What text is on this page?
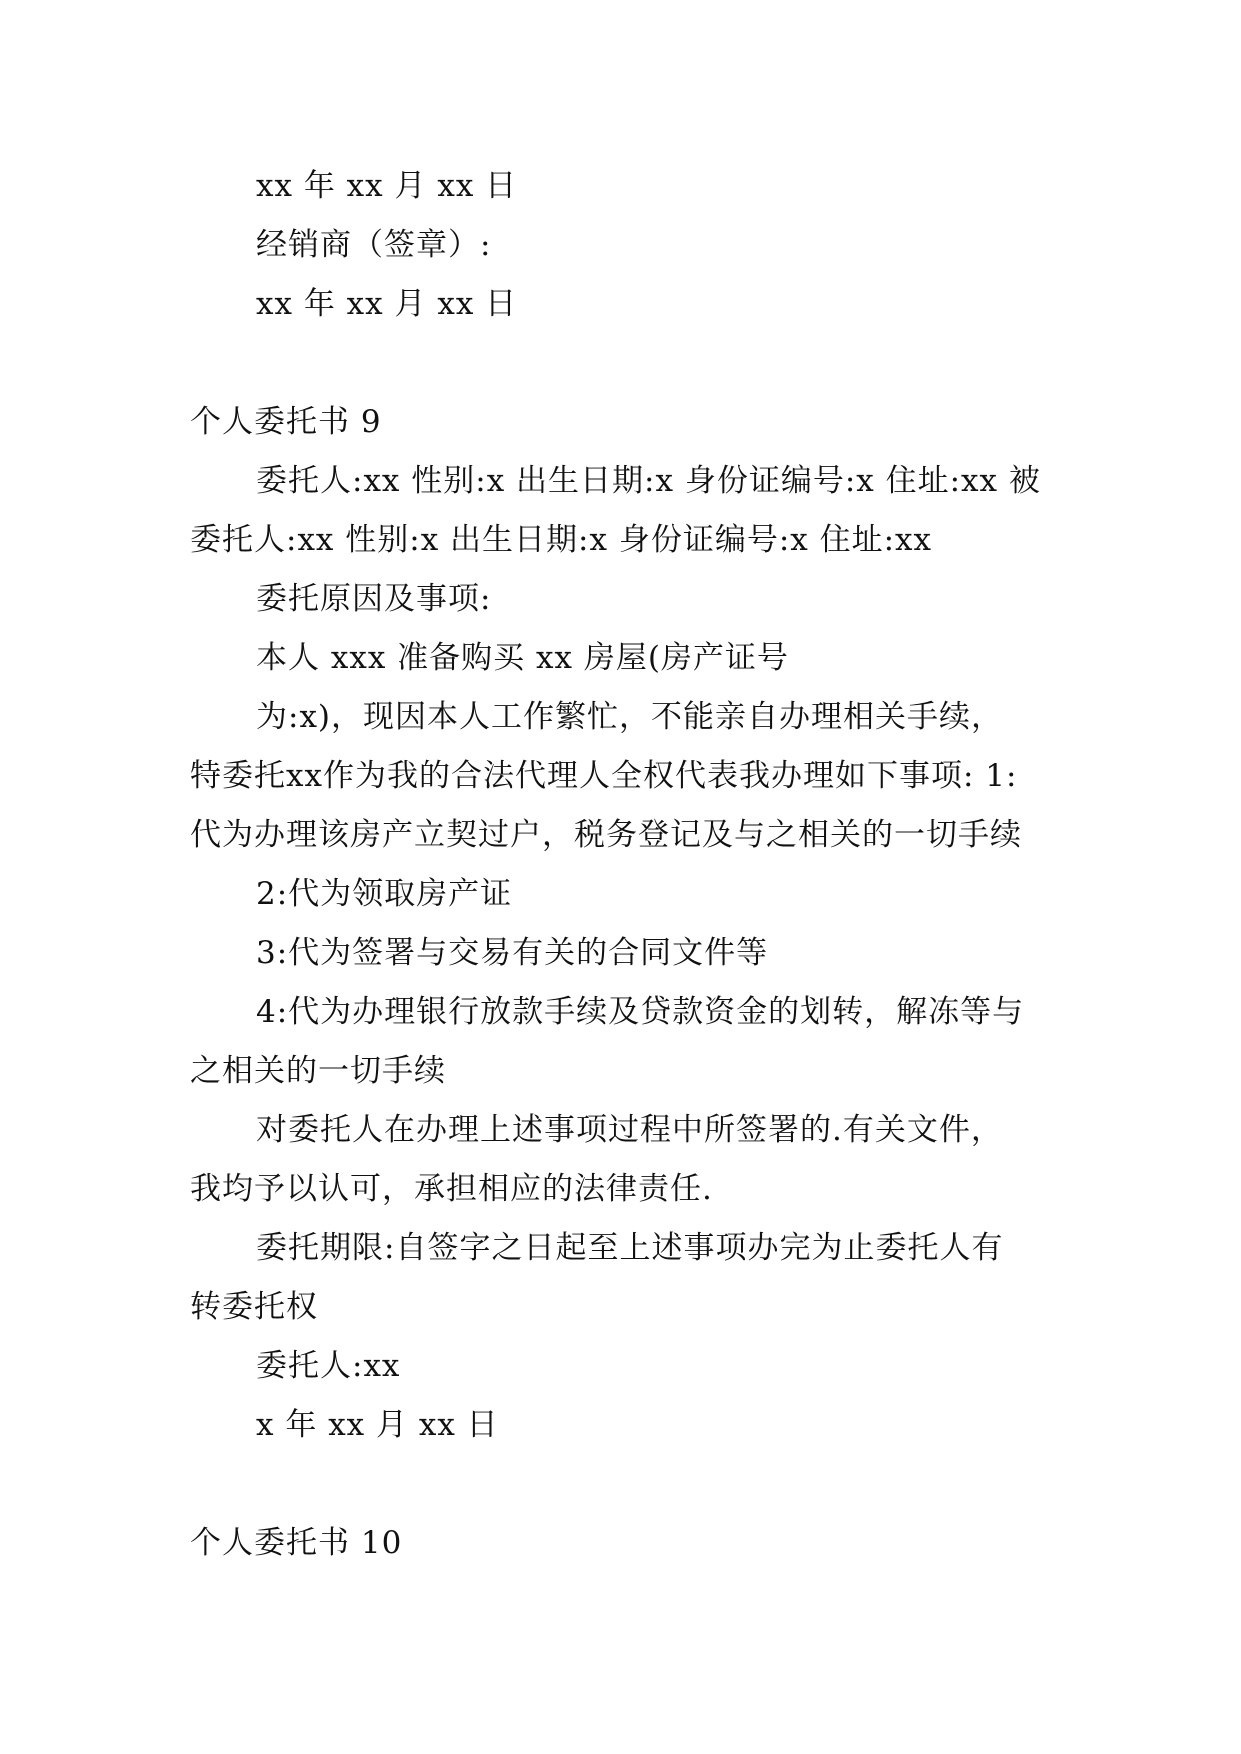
xx 年 xx 月 xx 日
经销商（签章）:
xx 年 xx 月 xx 日
个人委托书 9
委托人:xx 性别:x 出生日期:x 身份证编号:x 住址:xx 被
委托人:xx 性别:x 出生日期:x 身份证编号:x 住址:xx
委托原因及事项:
本人 xxx 准备购买 xx 房屋(房产证号
为:x)，现因本人工作繁忙，不能亲自办理相关手续，
特委托xx作为我的合法代理人全权代表我办理如下事项: 1:
代为办理该房产立契过户，税务登记及与之相关的一切手续
2:代为领取房产证
3:代为签署与交易有关的合同文件等
4:代为办理银行放款手续及贷款资金的划转，解冻等与
之相关的一切手续
对委托人在办理上述事项过程中所签署的.有关文件，
我均予以认可，承担相应的法律责任.
委托期限:自签字之日起至上述事项办完为止委托人有
转委托权
委托人:xx
x 年 xx 月 xx 日
个人委托书 10
